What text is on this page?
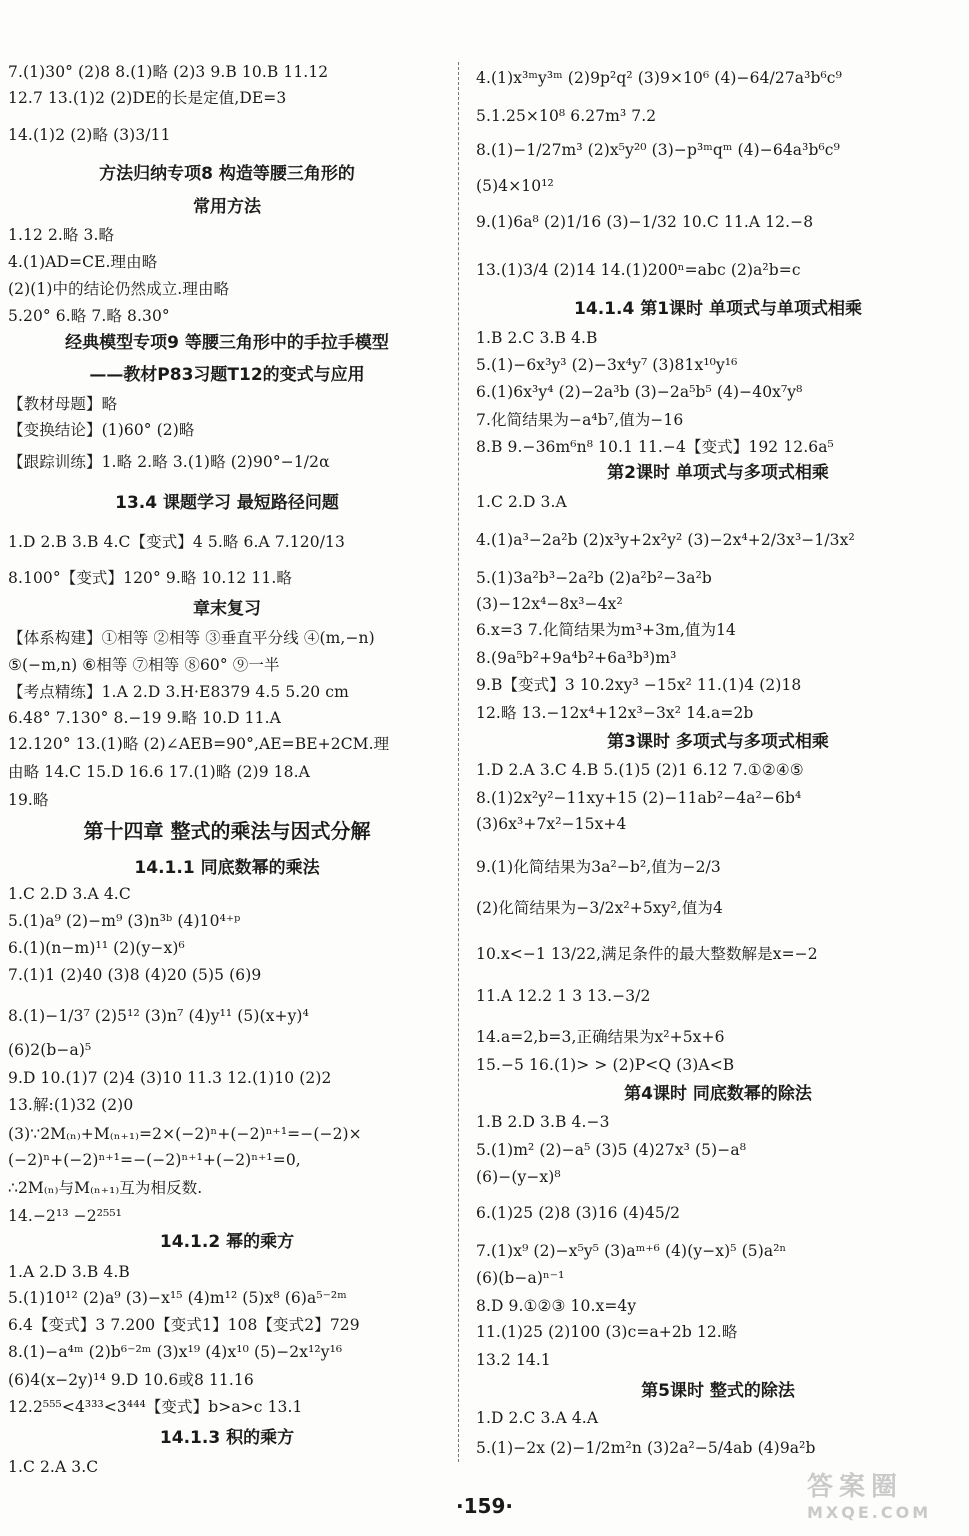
7.(1)30° (2)8 8.(1)略 (2)3 9.B 10.B 11.12
12.7 13.(1)2 (2)DE的长是定值,DE=3
14.(1)2 (2)略 (3)3/11
方法归纳专项8 构造等腰三角形的
常用方法
1.12 2.略 3.略
4.(1)AD=CE.理由略
(2)(1)中的结论仍然成立.理由略
5.20° 6.略 7.略 8.30°
经典模型专项9 等腰三角形中的手拉手模型
——教材P83习题T12的变式与应用
【教材母题】略
【变换结论】(1)60° (2)略
【跟踪训练】1.略 2.略 3.(1)略 (2)90°−1/2α
13.4 课题学习 最短路径问题
1.D 2.B 3.B 4.C【变式】4 5.略 6.A 7.120/13
8.100°【变式】120° 9.略 10.12 11.略
章末复习
【体系构建】①相等 ②相等 ③垂直平分线 ④(m,−n)
⑤(−m,n) ⑥相等 ⑦相等 ⑧60° ⑨一半
【考点精练】1.A 2.D 3.H·E8379 4.5 5.20 cm
6.48° 7.130° 8.−19 9.略 10.D 11.A
12.120° 13.(1)略 (2)∠AEB=90°,AE=BE+2CM.理
由略 14.C 15.D 16.6 17.(1)略 (2)9 18.A
19.略
第十四章 整式的乘法与因式分解
14.1.1 同底数幂的乘法
1.C 2.D 3.A 4.C
5.(1)a⁹ (2)−m⁹ (3)n³ᵇ (4)10⁴⁺ᵖ
6.(1)(n−m)¹¹ (2)(y−x)⁶
7.(1)1 (2)40 (3)8 (4)20 (5)5 (6)9
8.(1)−1/3⁷ (2)5¹² (3)n⁷ (4)y¹¹ (5)(x+y)⁴
(6)2(b−a)⁵
9.D 10.(1)7 (2)4 (3)10 11.3 12.(1)10 (2)2
13.解:(1)32 (2)0
(3)∵2M₍ₙ₎+M₍ₙ₊₁₎=2×(−2)ⁿ+(−2)ⁿ⁺¹=−(−2)×
(−2)ⁿ+(−2)ⁿ⁺¹=−(−2)ⁿ⁺¹+(−2)ⁿ⁺¹=0,
∴2M₍ₙ₎与M₍ₙ₊₁₎互为相反数.
14.−2¹³ −2²⁵⁵¹
14.1.2 幂的乘方
1.A 2.D 3.B 4.B
5.(1)10¹² (2)a⁹ (3)−x¹⁵ (4)m¹² (5)x⁸ (6)a⁵⁻²ᵐ
6.4【变式】3 7.200【变式1】108【变式2】729
8.(1)−a⁴ᵐ (2)b⁶⁻²ᵐ (3)x¹⁹ (4)x¹⁰ (5)−2x¹²y¹⁶
(6)4(x−2y)¹⁴ 9.D 10.6或8 11.16
12.2⁵⁵⁵<4³³³<3⁴⁴⁴【变式】b>a>c 13.1
14.1.3 积的乘方
1.C 2.A 3.C
4.(1)x³ᵐy³ᵐ (2)9p²q² (3)9×10⁶ (4)−64/27a³b⁶c⁹
5.1.25×10⁸ 6.27m³ 7.2
8.(1)−1/27m³ (2)x⁵y²⁰ (3)−p³ᵐqᵐ (4)−64a³b⁶c⁹
(5)4×10¹²
9.(1)6a⁸ (2)1/16 (3)−1/32 10.C 11.A 12.−8
13.(1)3/4 (2)14 14.(1)200ⁿ=abc (2)a²b=c
14.1.4 第1课时 单项式与单项式相乘
1.B 2.C 3.B 4.B
5.(1)−6x³y³ (2)−3x⁴y⁷ (3)81x¹⁰y¹⁶
6.(1)6x³y⁴ (2)−2a³b (3)−2a⁵b⁵ (4)−40x⁷y⁸
7.化简结果为−a⁴b⁷,值为−16
8.B 9.−36m⁶n⁸ 10.1 11.−4【变式】192 12.6a⁵
第2课时 单项式与多项式相乘
1.C 2.D 3.A
4.(1)a³−2a²b (2)x³y+2x²y² (3)−2x⁴+2/3x³−1/3x²
5.(1)3a²b³−2a²b (2)a²b²−3a²b
(3)−12x⁴−8x³−4x²
6.x=3 7.化简结果为m³+3m,值为14
8.(9a⁵b²+9a⁴b²+6a³b³)m³
9.B【变式】3 10.2xy³ −15x² 11.(1)4 (2)18
12.略 13.−12x⁴+12x³−3x² 14.a=2b
第3课时 多项式与多项式相乘
1.D 2.A 3.C 4.B 5.(1)5 (2)1 6.12 7.①②④⑤
8.(1)2x²y²−11xy+15 (2)−11ab²−4a²−6b⁴
(3)6x³+7x²−15x+4
9.(1)化简结果为3a²−b²,值为−2/3
(2)化简结果为−3/2x²+5xy²,值为4
10.x<−1 13/22,满足条件的最大整数解是x=−2
11.A 12.2 1 3 13.−3/2
14.a=2,b=3,正确结果为x²+5x+6
15.−5 16.(1)> > (2)P<Q (3)A<B
第4课时 同底数幂的除法
1.B 2.D 3.B 4.−3
5.(1)m² (2)−a⁵ (3)5 (4)27x³ (5)−a⁸
(6)−(y−x)⁸
6.(1)25 (2)8 (3)16 (4)45/2
7.(1)x⁹ (2)−x⁵y⁵ (3)aᵐ⁺⁶ (4)(y−x)⁵ (5)a²ⁿ
(6)(b−a)ⁿ⁻¹
8.D 9.①②③ 10.x=4y
11.(1)25 (2)100 (3)c=a+2b 12.略
13.2 14.1
第5课时 整式的除法
1.D 2.C 3.A 4.A
5.(1)−2x (2)−1/2m²n (3)2a²−5/4ab (4)9a²b
·159·
答案圈
MXQE.COM
